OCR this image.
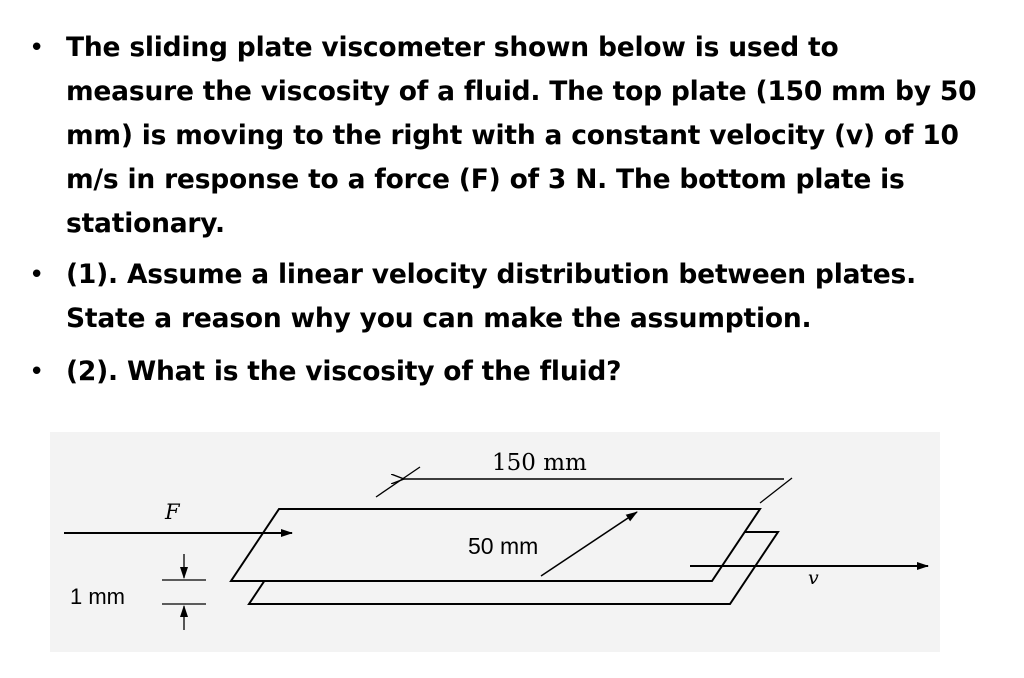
• The sliding plate viscometer shown below is used to
measure the viscosity of a fluid. The top plate (150 mm by 50
mm) is moving to the right with a constant velocity (v) of 10
m/s in response to a force (F) of 3 N. The bottom plate is
stationary.
• (1). Assume a linear velocity distribution between plates.
State a reason why you can make the assumption.
• (2). What is the viscosity of the fluid?
150 mm
50 mm
F
1 mm
v
